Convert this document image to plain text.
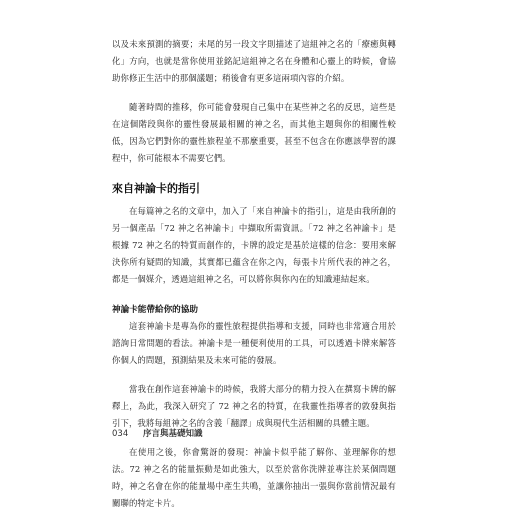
以及未來預測的摘要；未尾的另一段文字則描述了這組神之名的「療癒與轉化」方向，也就是當你使用並銘記這組神之名在身體和心靈上的時候，會協助你修正生活中的那個議題；稍後會有更多這兩項內容的介紹。

隨著時間的推移，你可能會發現自己集中在某些神之名的反思，這些是在這個階段與你的靈性發展最相關的神之名，而其他主題與你的相關性較低，因為它們對你的靈性旅程並不那麼重要，甚至不包含在你應該學習的課程中，你可能根本不需要它們。

來自神論卡的指引

在每篇神之名的文章中，加入了「來自神論卡的指引」，這是由我所創的另一個產品「72 神之名神諭卡」中擷取所需資訊。「72 神之名神諭卡」是根據 72 神之名的特質而創作的，卡牌的設定是基於這樣的信念：要用來解決你所有疑問的知識，其實都已蘊含在你之內，每張卡片所代表的神之名，都是一個媒介，透過這組神之名，可以將你與你內在的知識連結起來。

神論卡能帶給你的協助

這套神諭卡是專為你的靈性旅程提供指導和支援，同時也非常適合用於諮詢日常問題的看法。神諭卡是一種便利使用的工具，可以透過卡牌來解答你個人的問題，預測結果及未來可能的發展。

當我在創作這套神諭卡的時候，我將大部分的精力投入在撰寫卡牌的解釋上，為此，我深入研究了 72 神之名的特質，在我靈性指導者的敦發與指引下，我將每組神之名的含義「翻譯」成與現代生活相關的具體主題。

在使用之後，你會驚訝的發現：神論卡似乎能了解你、並理解你的想法。72 神之名的能量振動是如此強大，以至於當你洗牌並專注於某個問題時，神之名會在你的能量場中產生共鳴，並讓你抽出一張與你當前情況最有關聯的特定卡片。

034 序言與基礎知識
